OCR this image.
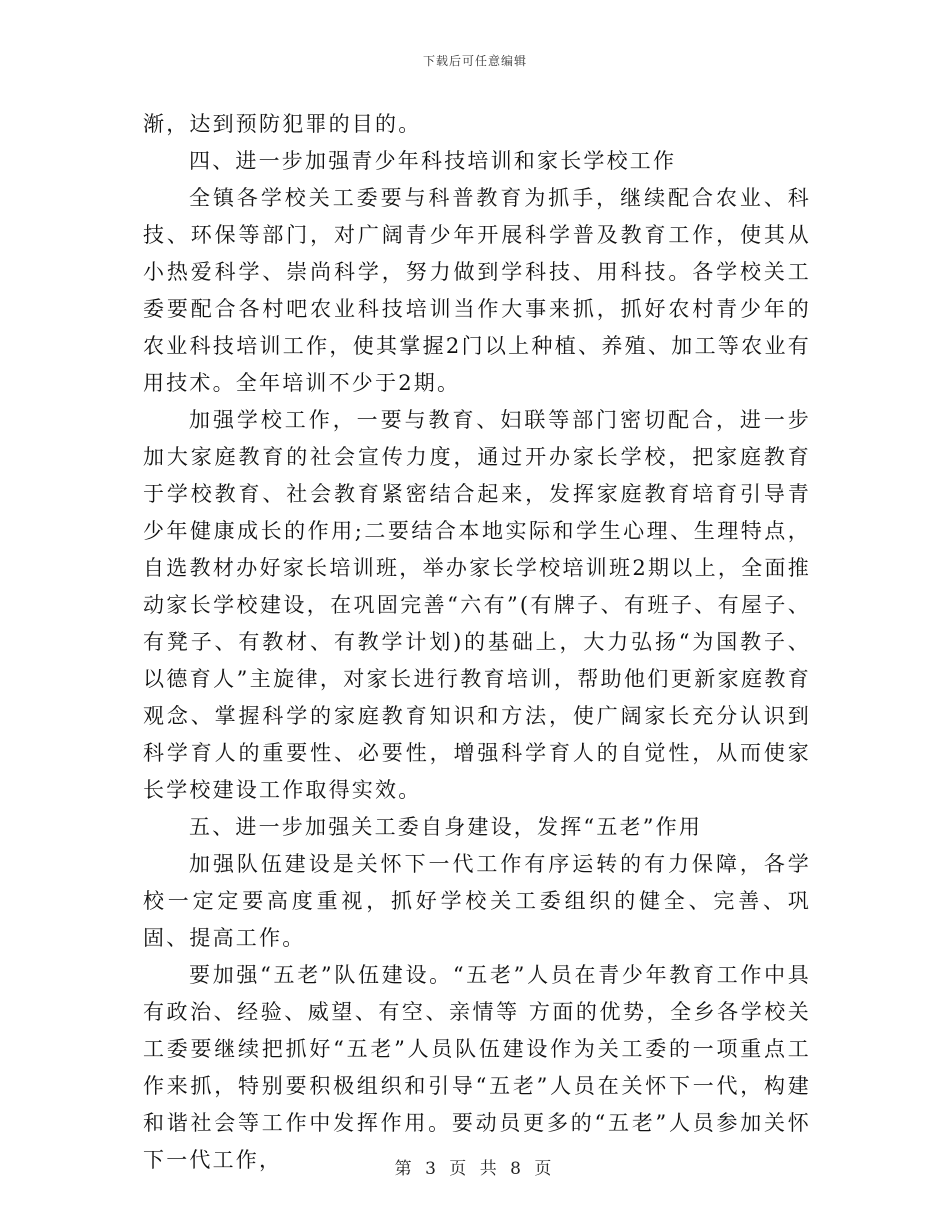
下载后可任意编辑

渐，达到预防犯罪的目的。

四、进一步加强青少年科技培训和家长学校工作

全镇各学校关工委要与科普教育为抓手，继续配合农业、科技、环保等部门，对广阔青少年开展科学普及教育工作，使其从小热爱科学、崇尚科学，努力做到学科技、用科技。各学校关工委要配合各村吧农业科技培训当作大事来抓，抓好农村青少年的农业科技培训工作，使其掌握2门以上种植、养殖、加工等农业有用技术。全年培训不少于2期。

加强学校工作，一要与教育、妇联等部门密切配合，进一步加大家庭教育的社会宣传力度，通过开办家长学校，把家庭教育于学校教育、社会教育紧密结合起来，发挥家庭教育培育引导青少年健康成长的作用;二要结合本地实际和学生心理、生理特点，自选教材办好家长培训班，举办家长学校培训班2期以上，全面推动家长学校建设，在巩固完善“六有”(有牌子、有班子、有屋子、有凳子、有教材、有教学计划)的基础上，大力弘扬“为国教子、以德育人”主旋律，对家长进行教育培训，帮助他们更新家庭教育观念、掌握科学的家庭教育知识和方法，使广阔家长充分认识到科学育人的重要性、必要性，增强科学育人的自觉性，从而使家长学校建设工作取得实效。

五、进一步加强关工委自身建设，发挥“五老”作用

加强队伍建设是关怀下一代工作有序运转的有力保障，各学校一定定要高度重视，抓好学校关工委组织的健全、完善、巩固、提高工作。

要加强“五老”队伍建设。“五老”人员在青少年教育工作中具有政治、经验、威望、有空、亲情等 方面的优势，全乡各学校关工委要继续把抓好“五老”人员队伍建设作为关工委的一项重点工作来抓，特别要积极组织和引导“五老”人员在关怀下一代，构建和谐社会等工作中发挥作用。要动员更多的“五老”人员参加关怀下一代工作，	第 3 页 共 8 页
